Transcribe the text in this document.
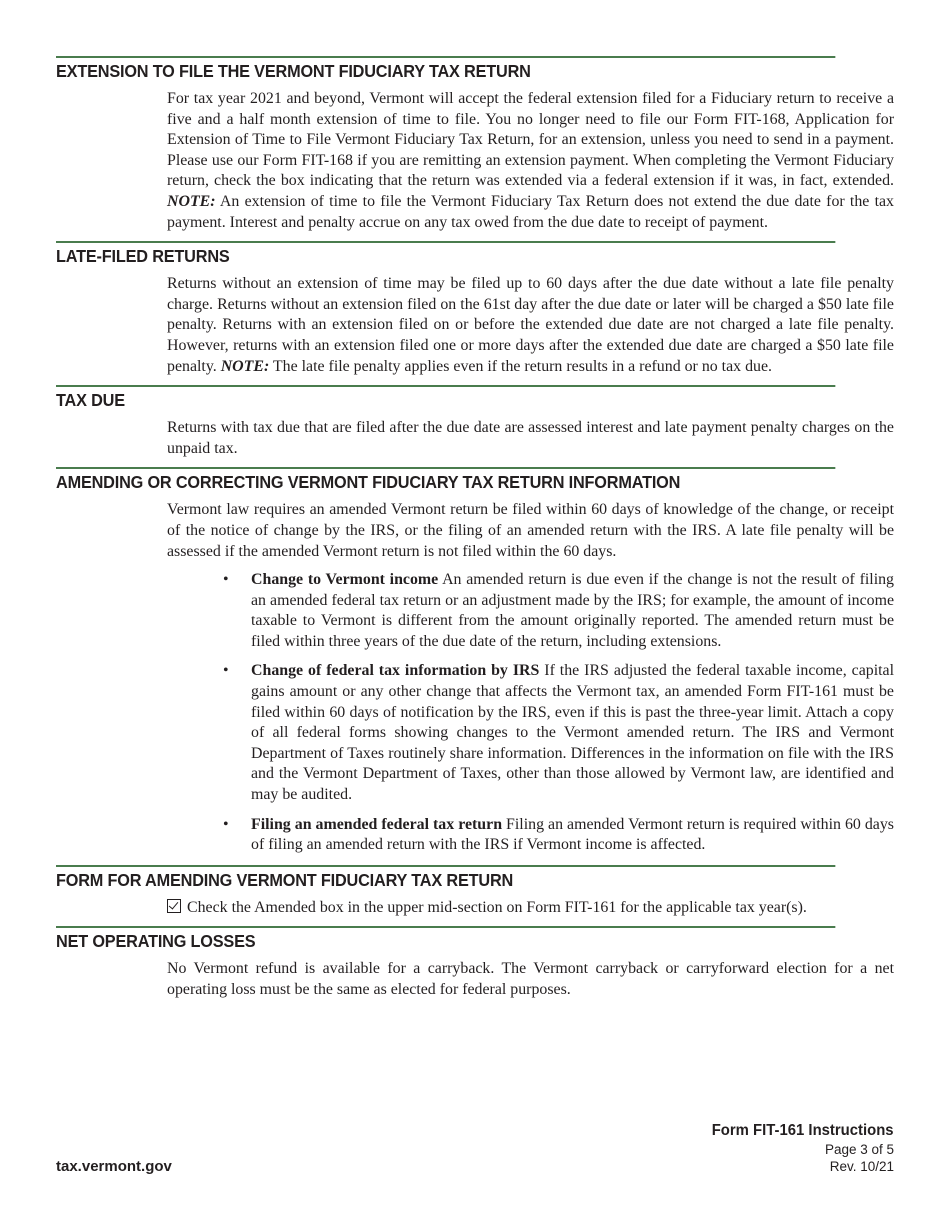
EXTENSION TO FILE THE VERMONT FIDUCIARY TAX RETURN

For tax year 2021 and beyond, Vermont will accept the federal extension filed for a Fiduciary return to receive a five and a half month extension of time to file. You no longer need to file our Form FIT-168, Application for Extension of Time to File Vermont Fiduciary Tax Return, for an extension, unless you need to send in a payment. Please use our Form FIT-168 if you are remitting an extension payment. When completing the Vermont Fiduciary return, check the box indicating that the return was extended via a federal extension if it was, in fact, extended. NOTE: An extension of time to file the Vermont Fiduciary Tax Return does not extend the due date for the tax payment. Interest and penalty accrue on any tax owed from the due date to receipt of payment.

LATE-FILED RETURNS

Returns without an extension of time may be filed up to 60 days after the due date without a late file penalty charge. Returns without an extension filed on the 61st day after the due date or later will be charged a $50 late file penalty. Returns with an extension filed on or before the extended due date are not charged a late file penalty. However, returns with an extension filed one or more days after the extended due date are charged a $50 late file penalty. NOTE: The late file penalty applies even if the return results in a refund or no tax due.

TAX DUE

Returns with tax due that are filed after the due date are assessed interest and late payment penalty charges on the unpaid tax.

AMENDING OR CORRECTING VERMONT FIDUCIARY TAX RETURN INFORMATION

Vermont law requires an amended Vermont return be filed within 60 days of knowledge of the change, or receipt of the notice of change by the IRS, or the filing of an amended return with the IRS. A late file penalty will be assessed if the amended Vermont return is not filed within the 60 days.

• Change to Vermont income An amended return is due even if the change is not the result of filing an amended federal tax return or an adjustment made by the IRS; for example, the amount of income taxable to Vermont is different from the amount originally reported. The amended return must be filed within three years of the due date of the return, including extensions.
• Change of federal tax information by IRS If the IRS adjusted the federal taxable income, capital gains amount or any other change that affects the Vermont tax, an amended Form FIT-161 must be filed within 60 days of notification by the IRS, even if this is past the three-year limit. Attach a copy of all federal forms showing changes to the Vermont amended return. The IRS and Vermont Department of Taxes routinely share information. Differences in the information on file with the IRS and the Vermont Department of Taxes, other than those allowed by Vermont law, are identified and may be audited.
• Filing an amended federal tax return Filing an amended Vermont return is required within 60 days of filing an amended return with the IRS if Vermont income is affected.
FORM FOR AMENDING VERMONT FIDUCIARY TAX RETURN

Check the Amended box in the upper mid-section on Form FIT-161 for the applicable tax year(s).

NET OPERATING LOSSES

No Vermont refund is available for a carryback. The Vermont carryback or carryforward election for a net operating loss must be the same as elected for federal purposes.

tax.vermont.gov
Form FIT-161 Instructions
Page 3 of 5
Rev. 10/21
